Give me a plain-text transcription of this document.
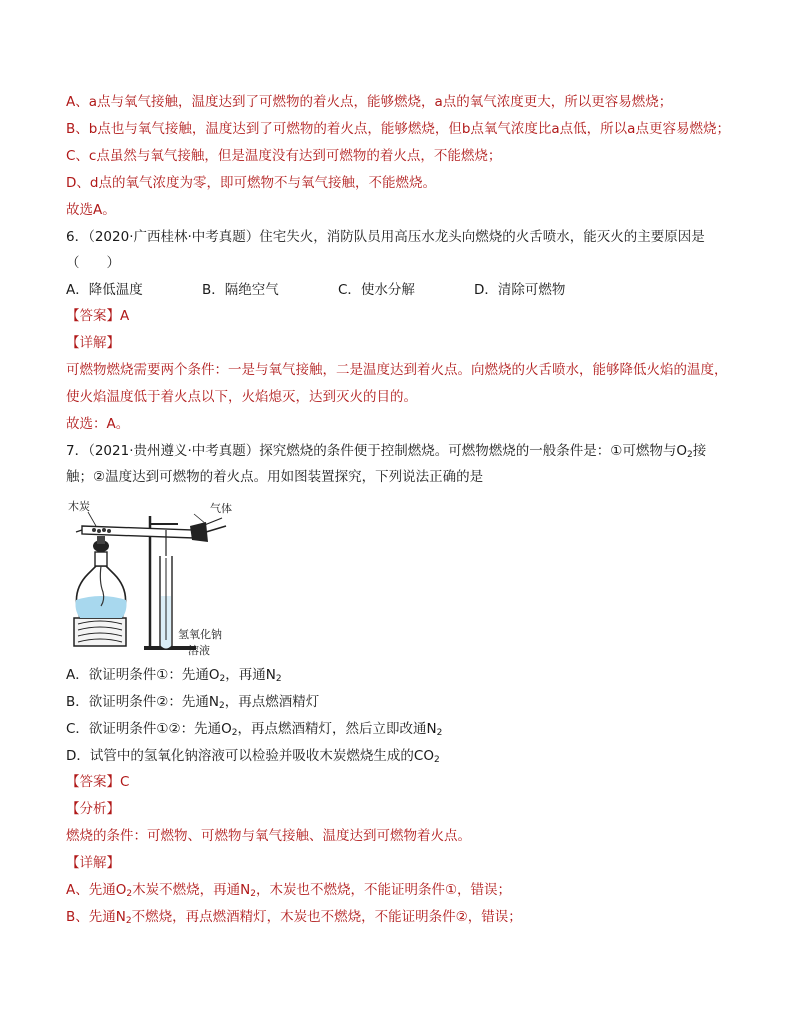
A、a点与氧气接触，温度达到了可燃物的着火点，能够燃烧，a点的氧气浓度更大，所以更容易燃烧；
B、b点也与氧气接触，温度达到了可燃物的着火点，能够燃烧，但b点氧气浓度比a点低，所以a点更容易燃烧；
C、c点虽然与氧气接触，但是温度没有达到可燃物的着火点，不能燃烧；
D、d点的氧气浓度为零，即可燃物不与氧气接触，不能燃烧。
故选A。
6．（2020·广西桂林·中考真题）住宅失火，消防队员用高压水龙头向燃烧的火舌喷水，能灭火的主要原因是
（　　）
A．降低温度	B．隔绝空气	C．使水分解	D．清除可燃物
【答案】A
【详解】
可燃物燃烧需要两个条件：一是与氧气接触，二是温度达到着火点。向燃烧的火舌喷水，能够降低火焰的温度，
使火焰温度低于着火点以下，火焰熄灭，达到灭火的目的。
故选：A。
7．（2021·贵州遵义·中考真题）探究燃烧的条件便于控制燃烧。可燃物燃烧的一般条件是：①可燃物与$O_2$接
触；②温度达到可燃物的着火点。用如图装置探究，下列说法正确的是
木炭	气体
氢氧化钠
溶液
A．欲证明条件①：先通$O_2$，再通$N_2$
B．欲证明条件②：先通$N_2$，再点燃酒精灯
C．欲证明条件①②：先通$O_2$，再点燃酒精灯，然后立即改通$N_2$
D．试管中的氢氧化钠溶液可以检验并吸收木炭燃烧生成的$CO_2$
【答案】C
【分析】
燃烧的条件：可燃物、可燃物与氧气接触、温度达到可燃物着火点。
【详解】
A、先通$O_2$木炭不燃烧，再通$N_2$，木炭也不燃烧，不能证明条件①，错误；
B、先通$N_2$不燃烧，再点燃酒精灯，木炭也不燃烧，不能证明条件②，错误；
